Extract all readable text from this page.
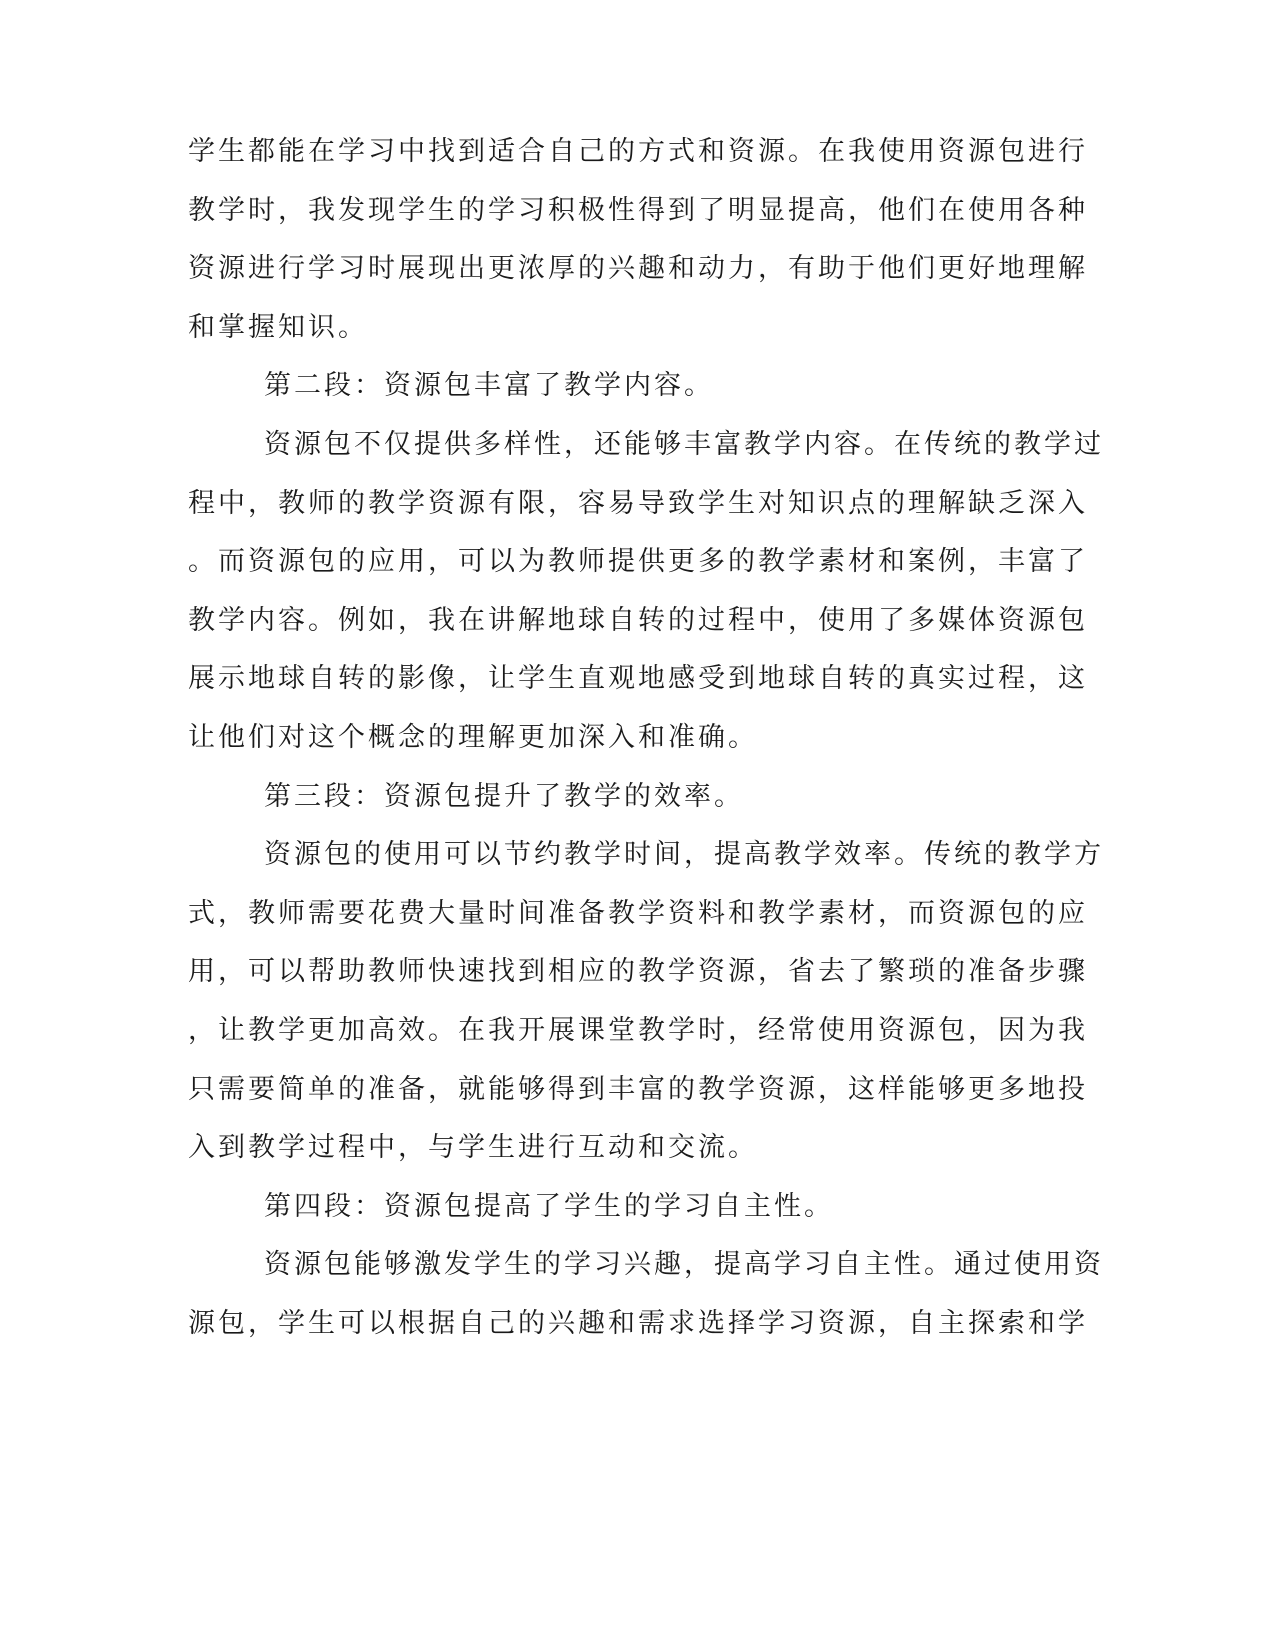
学生都能在学习中找到适合自己的方式和资源。在我使用资源包进行
教学时，我发现学生的学习积极性得到了明显提高，他们在使用各种
资源进行学习时展现出更浓厚的兴趣和动力，有助于他们更好地理解
和掌握知识。
第二段：资源包丰富了教学内容。
资源包不仅提供多样性，还能够丰富教学内容。在传统的教学过
程中，教师的教学资源有限，容易导致学生对知识点的理解缺乏深入
。而资源包的应用，可以为教师提供更多的教学素材和案例，丰富了
教学内容。例如，我在讲解地球自转的过程中，使用了多媒体资源包
展示地球自转的影像，让学生直观地感受到地球自转的真实过程，这
让他们对这个概念的理解更加深入和准确。
第三段：资源包提升了教学的效率。
资源包的使用可以节约教学时间，提高教学效率。传统的教学方
式，教师需要花费大量时间准备教学资料和教学素材，而资源包的应
用，可以帮助教师快速找到相应的教学资源，省去了繁琐的准备步骤
，让教学更加高效。在我开展课堂教学时，经常使用资源包，因为我
只需要简单的准备，就能够得到丰富的教学资源，这样能够更多地投
入到教学过程中，与学生进行互动和交流。
第四段：资源包提高了学生的学习自主性。
资源包能够激发学生的学习兴趣，提高学习自主性。通过使用资
源包，学生可以根据自己的兴趣和需求选择学习资源，自主探索和学
